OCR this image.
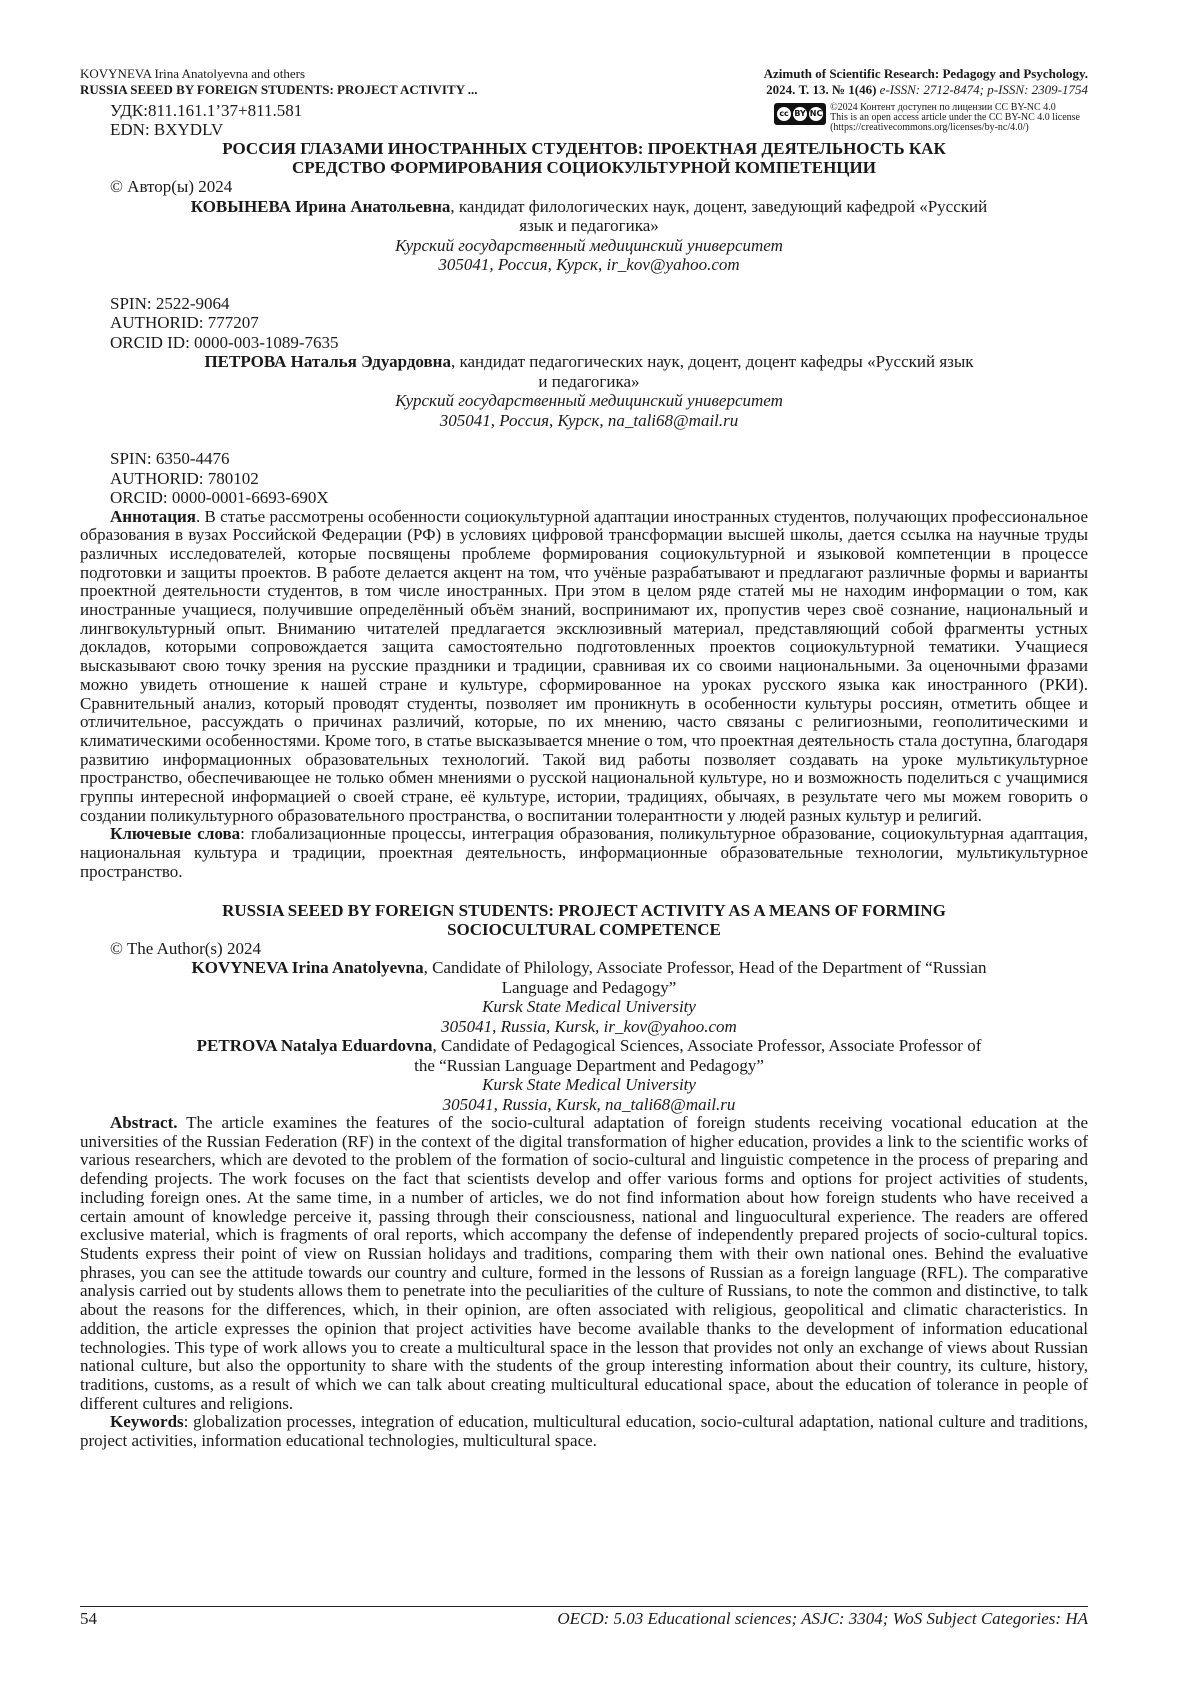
KOVYNEVA Irina Anatolyevna and others
RUSSIA SEEED BY FOREIGN STUDENTS: PROJECT ACTIVITY ...
Azimuth of Scientific Research: Pedagogy and Psychology.
2024. Т. 13. № 1(46) e-ISSN: 2712-8474; p-ISSN: 2309-1754
УДК:811.161.1’37+811.581
EDN: BXYDLV
cc BY NC
©2024 Контент доступен по лицензии CC BY-NC 4.0
This is an open access article under the CC BY-NC 4.0 license
(https://creativecommons.org/licenses/by-nc/4.0/)
РОССИЯ ГЛАЗАМИ ИНОСТРАННЫХ СТУДЕНТОВ: ПРОЕКТНАЯ ДЕЯТЕЛЬНОСТЬ КАК
СРЕДСТВО ФОРМИРОВАНИЯ СОЦИОКУЛЬТУРНОЙ КОМПЕТЕНЦИИ
© Автор(ы) 2024
КОВЫНЕВА Ирина Анатольевна, кандидат филологических наук, доцент, заведующий кафедрой «Русский
язык и педагогика»
Курский государственный медицинский университет
305041, Россия, Курск, ir_kov@yahoo.com
SPIN: 2522-9064
AUTHORID: 777207
ORCID ID: 0000-003-1089-7635
ПЕТРОВА Наталья Эдуардовна, кандидат педагогических наук, доцент, доцент кафедры «Русский язык
и педагогика»
Курский государственный медицинский университет
305041, Россия, Курск, na_tali68@mail.ru
SPIN: 6350-4476
AUTHORID: 780102
ORCID: 0000-0001-6693-690X

Аннотация. В статье рассмотрены особенности социокультурной адаптации иностранных студентов, получающих профессиональное образования в вузах Российской Федерации (РФ) в условиях цифровой трансформации высшей школы, дается ссылка на научные труды различных исследователей, которые посвящены проблеме формирования социокультурной и языковой компетенции в процессе подготовки и защиты проектов. В работе делается акцент на том, что учёные разрабатывают и предлагают различные формы и варианты проектной деятельности студентов, в том числе иностранных. При этом в целом ряде статей мы не находим информации о том, как иностранные учащиеся, получившие определённый объём знаний, воспринимают их, пропустив через своё сознание, национальный и лингвокультурный опыт. Вниманию читателей предлагается эксклюзивный материал, представляющий собой фрагменты устных докладов, которыми сопровождается защита самостоятельно подготовленных проектов социокультурной тематики. Учащиеся высказывают свою точку зрения на русские праздники и традиции, сравнивая их со своими национальными. За оценочными фразами можно увидеть отношение к нашей стране и культуре, сформированное на уроках русского языка как иностранного (РКИ). Сравнительный анализ, который проводят студенты, позволяет им проникнуть в особенности культуры россиян, отметить общее и отличительное, рассуждать о причинах различий, которые, по их мнению, часто связаны с религиозными, геополитическими и климатическими особенностями. Кроме того, в статье высказывается мнение о том, что проектная деятельность стала доступна, благодаря развитию информационных образовательных технологий. Такой вид работы позволяет создавать на уроке мультикультурное пространство, обеспечивающее не только обмен мнениями о русской национальной культуре, но и возможность поделиться с учащимися группы интересной информацией о своей стране, её культуре, истории, традициях, обычаях, в результате чего мы можем говорить о создании поликультурного образовательного пространства, о воспитании толерантности у людей разных культур и религий.

Ключевые слова: глобализационные процессы, интеграция образования, поликультурное образование, социокультурная адаптация, национальная культура и традиции, проектная деятельность, информационные образовательные технологии, мультикультурное пространство.

RUSSIA SEEED BY FOREIGN STUDENTS: PROJECT ACTIVITY AS A MEANS OF FORMING
SOCIOCULTURAL COMPETENCE
© The Author(s) 2024
KOVYNEVA Irina Anatolyevna, Candidate of Philology, Associate Professor, Head of the Department of “Russian
Language and Pedagogy”
Kursk State Medical University
305041, Russia, Kursk, ir_kov@yahoo.com
PETROVA Natalya Eduardovna, Candidate of Pedagogical Sciences, Associate Professor, Associate Professor of
the “Russian Language Department and Pedagogy”
Kursk State Medical University
305041, Russia, Kursk, na_tali68@mail.ru

Abstract. The article examines the features of the socio-cultural adaptation of foreign students receiving vocational education at the universities of the Russian Federation (RF) in the context of the digital transformation of higher education, provides a link to the scientific works of various researchers, which are devoted to the problem of the formation of socio-cultural and linguistic competence in the process of preparing and defending projects. The work focuses on the fact that scientists develop and offer various forms and options for project activities of students, including foreign ones. At the same time, in a number of articles, we do not find information about how foreign students who have received a certain amount of knowledge perceive it, passing through their consciousness, national and linguocultural experience. The readers are offered exclusive material, which is fragments of oral reports, which accompany the defense of independently prepared projects of socio-cultural topics. Students express their point of view on Russian holidays and traditions, comparing them with their own national ones. Behind the evaluative phrases, you can see the attitude towards our country and culture, formed in the lessons of Russian as a foreign language (RFL). The comparative analysis carried out by students allows them to penetrate into the peculiarities of the culture of Russians, to note the common and distinctive, to talk about the reasons for the differences, which, in their opinion, are often associated with religious, geopolitical and climatic characteristics. In addition, the article expresses the opinion that project activities have become available thanks to the development of information educational technologies. This type of work allows you to create a multicultural space in the lesson that provides not only an exchange of views about Russian national culture, but also the opportunity to share with the students of the group interesting information about their country, its culture, history, traditions, customs, as a result of which we can talk about creating multicultural educational space, about the education of tolerance in people of different cultures and religions.

Keywords: globalization processes, integration of education, multicultural education, socio-cultural adaptation, national culture and traditions, project activities, information educational technologies, multicultural space.

54	OECD: 5.03 Educational sciences; ASJC: 3304; WoS Subject Categories: HA
